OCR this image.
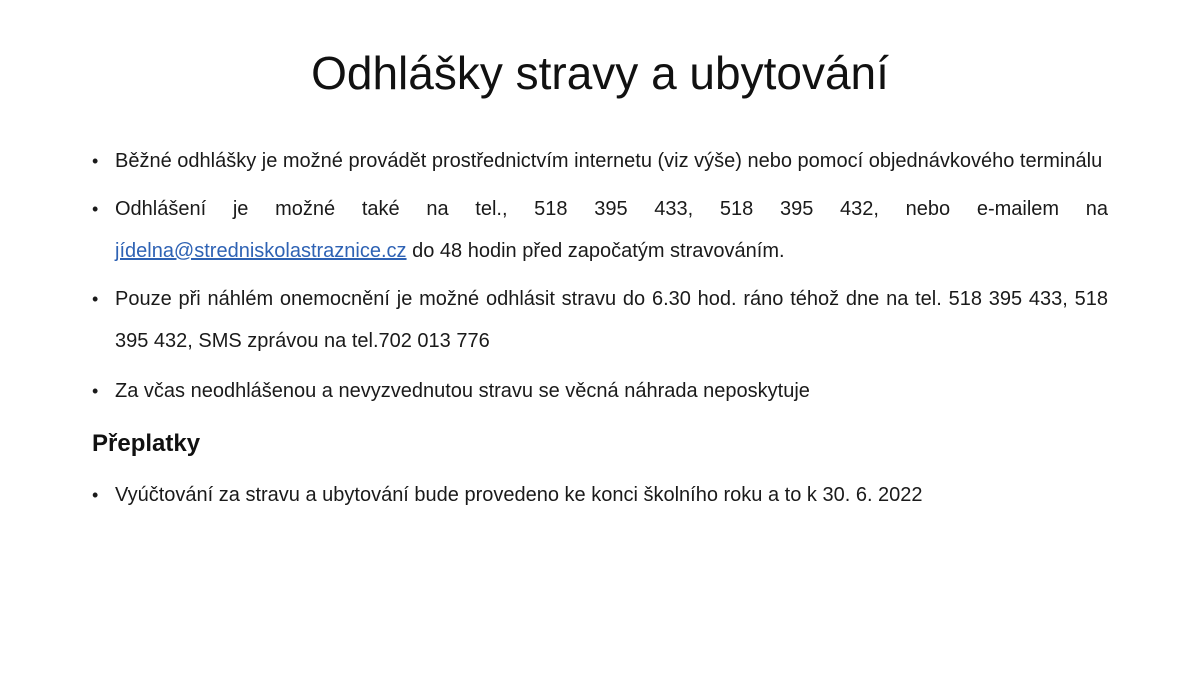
Odhlášky stravy a ubytování
• Běžné odhlášky je možné provádět prostřednictvím internetu (viz výše) nebo pomocí objednávkového terminálu
• Odhlášení je možné také na tel., 518 395 433, 518 395 432, nebo e-mailem na jídelna@stredniskolastraznice.cz do 48 hodin před započatým stravováním.
• Pouze při náhlém onemocnění je možné odhlásit stravu do 6.30 hod. ráno téhož dne na tel. 518 395 433, 518 395 432, SMS zprávou na tel.702 013 776
• Za včas neodhlášenou a nevyzvednutou stravu se věcná náhrada neposkytuje
Přeplatky
• Vyúčtování za stravu a ubytování bude provedeno ke konci školního roku a to k 30. 6. 2022
